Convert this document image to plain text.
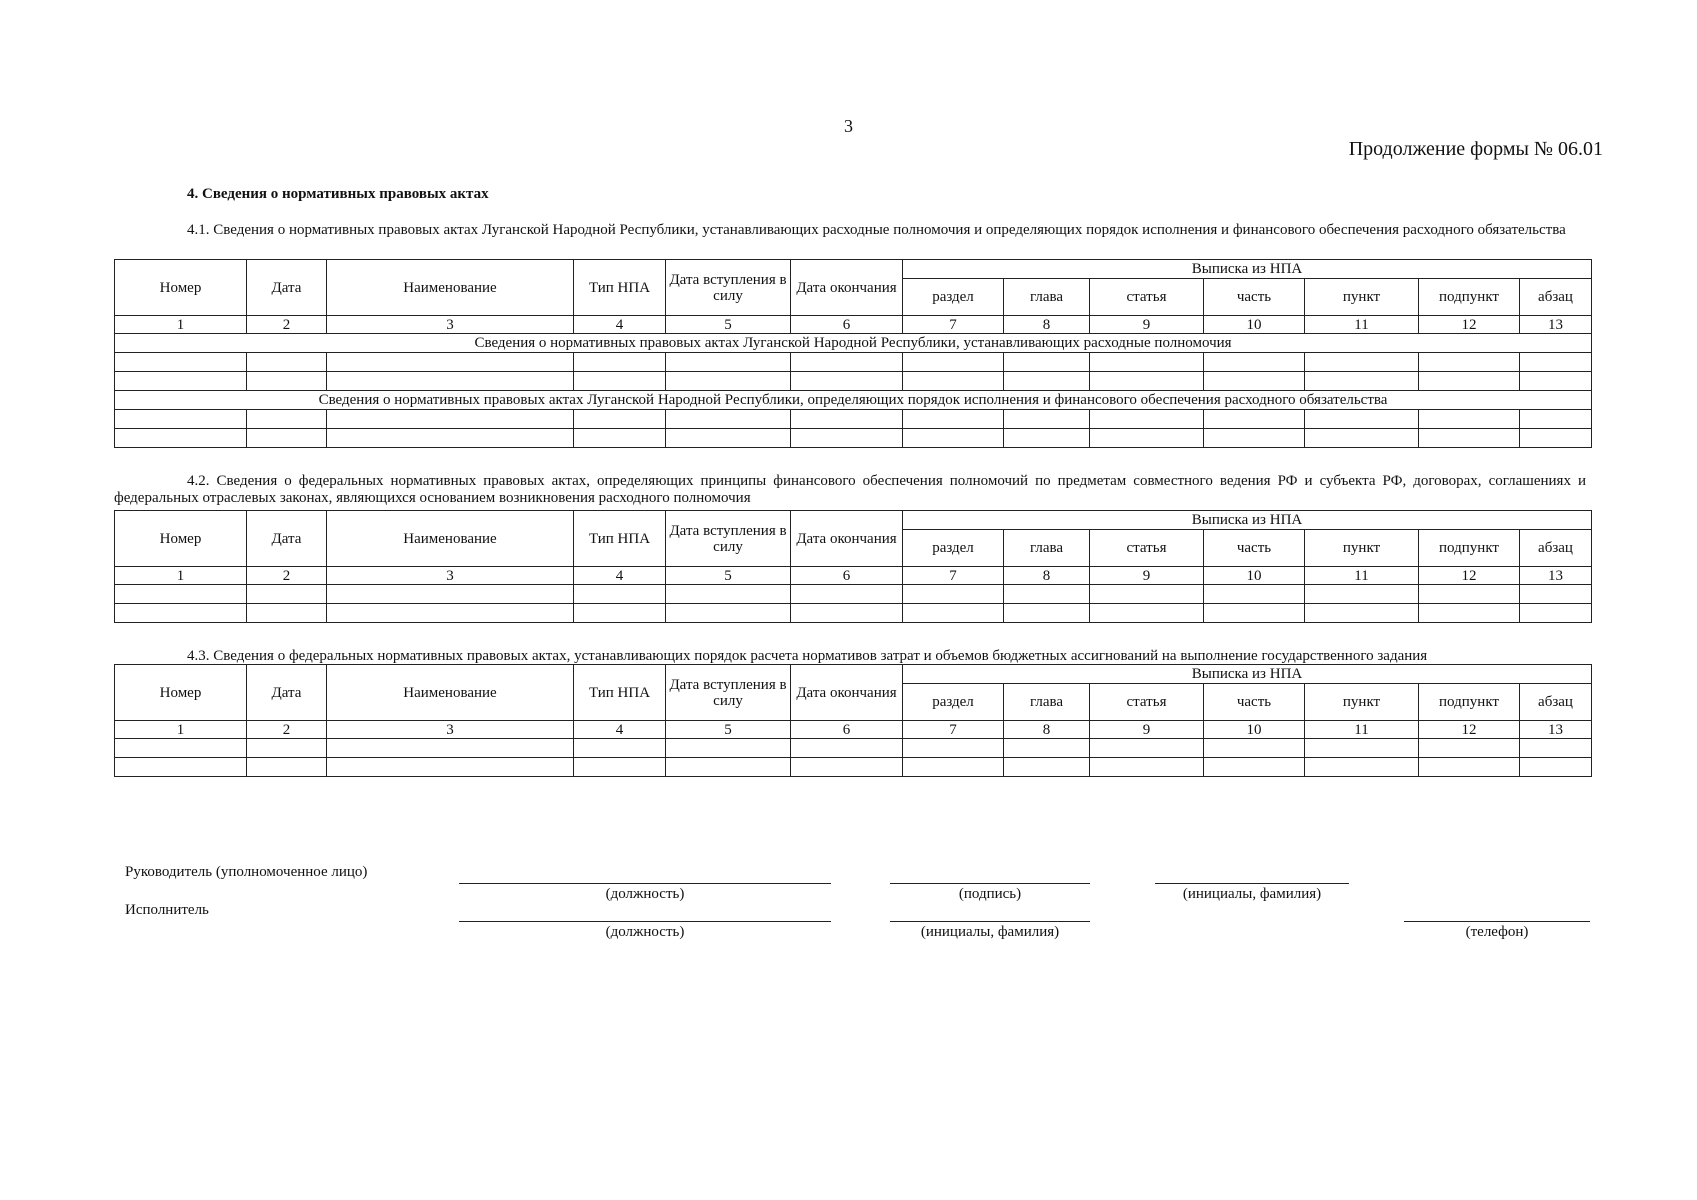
3
Продолжение формы № 06.01
4. Сведения о нормативных правовых актах
4.1. Сведения о нормативных правовых актах Луганской Народной Республики, устанавливающих расходные полномочия и определяющих порядок исполнения и финансового обеспечения расходного обязательства
Номер	Дата	Наименование	Тип НПА	Дата вступления в силу	Дата окончания	Выписка из НПА						
						раздел	глава	статья	часть	пункт	подпункт	абзац
1	2	3	4	5	6	7	8	9	10	11	12	13
Сведения о нормативных правовых актах Луганской Народной Республики, устанавливающих расходные полномочия												

Сведения о нормативных правовых актах Луганской Народной Республики, определяющих порядок исполнения и финансового обеспечения расходного обязательства												

4.2. Сведения о федеральных нормативных правовых актах, определяющих принципы финансового обеспечения полномочий по предметам совместного ведения РФ и субъекта РФ, договорах, соглашениях и федеральных отраслевых законах, являющихся основанием возникновения расходного полномочия
Номер	Дата	Наименование	Тип НПА	Дата вступления в силу	Дата окончания	Выписка из НПА						
						раздел	глава	статья	часть	пункт	подпункт	абзац
1	2	3	4	5	6	7	8	9	10	11	12	13

4.3. Сведения о федеральных нормативных правовых актах, устанавливающих порядок расчета нормативов затрат и объемов бюджетных ассигнований на выполнение государственного задания
Номер	Дата	Наименование	Тип НПА	Дата вступления в силу	Дата окончания	Выписка из НПА						
						раздел	глава	статья	часть	пункт	подпункт	абзац
1	2	3	4	5	6	7	8	9	10	11	12	13

Руководитель (уполномоченное лицо)
(должность)	(подпись)	(инициалы, фамилия)
Исполнитель
(должность)	(инициалы, фамилия)	(телефон)
